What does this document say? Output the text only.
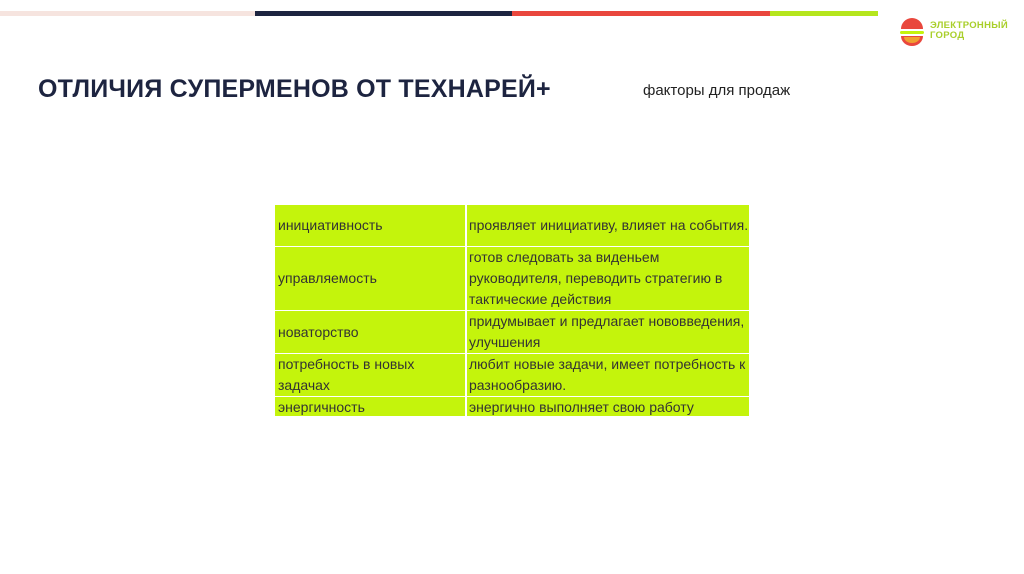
ЭЛЕКТРОННЫЙ
ГОРОД
ОТЛИЧИЯ СУПЕРМЕНОВ ОТ ТЕХНАРЕЙ+	факторы для продаж
инициативность	проявляет инициативу, влияет на события.
управляемость	готов следовать за виденьем руководителя, переводить стратегию в тактические действия
новаторство	придумывает и предлагает нововведения, улучшения
потребность в новых задачах	любит новые задачи, имеет потребность к разнообразию.
энергичность	энергично выполняет свою работу
